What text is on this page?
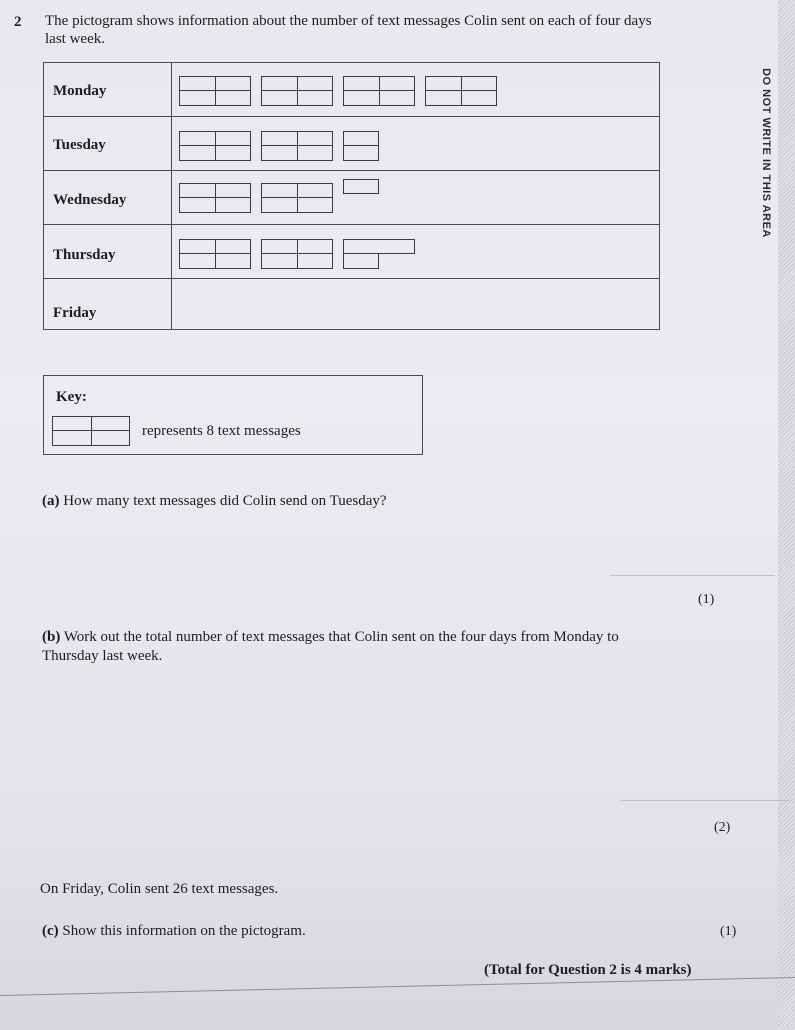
2 The pictogram shows information about the number of text messages Colin sent on each of four days last week.
Monday
Tuesday
Wednesday
Thursday
Friday
Key:
represents 8 text messages
DO NOT WRITE IN THIS AREA
(a) How many text messages did Colin send on Tuesday?
(1)
(b) Work out the total number of text messages that Colin sent on the four days from Monday to Thursday last week.
(2)
On Friday, Colin sent 26 text messages.
(c) Show this information on the pictogram.	(1)
(Total for Question 2 is 4 marks)
